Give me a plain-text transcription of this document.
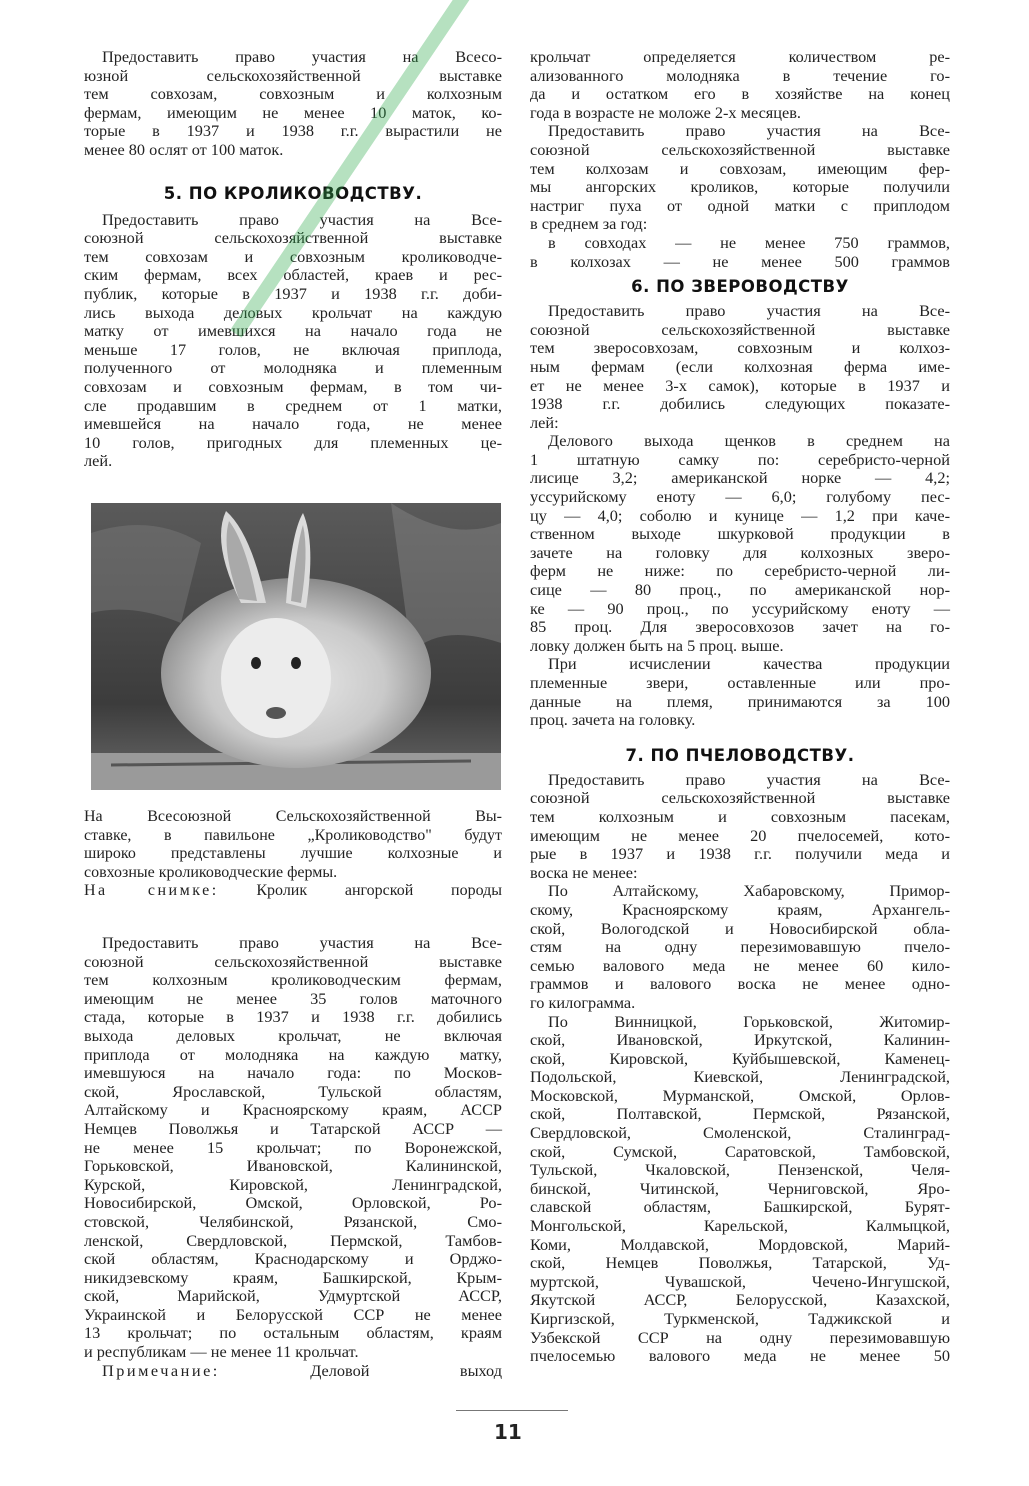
Предоставить право участия на Всесо-

юзной сельскохозяйственной выставке

тем совхозам, совхозным и колхозным

фермам, имеющим не менее 10 маток, ко-

торые в 1937 и 1938 г.г. вырастили не

менее 80 ослят от 100 маток.

5. ПО КРОЛИКОВОДСТВУ.

Предоставить право участия на Все-

союзной сельскохозяйственной выставке

тем совхозам и совхозным кролиководче-

ским фермам, всех областей, краев и рес-

публик, которые в 1937 и 1938 г.г. доби-

лись выхода деловых крольчат на каждую

матку от имевшихся на начало года не

меньше 17 голов, не включая приплода,

полученного от молодняка и племенным

совхозам и совхозным фермам, в том чи-

сле продавшим в среднем от 1 матки,

имевшейся на начало года, не менее

10 голов, пригодных для племенных це-

лей.

На Всесоюзной Сельскохозяйственной Вы-

ставке, в павильоне „Кролиководство" будут

широко представлены лучшие колхозные и

совхозные кролиководческие фермы.

На снимке: Кролик ангорской породы

Предоставить право участия на Все-

союзной сельскохозяйственной выставке

тем колхозным кролиководческим фермам,

имеющим не менее 35 голов маточного

стада, которые в 1937 и 1938 г.г. добились

выхода деловых крольчат, не включая

приплода от молодняка на каждую матку,

имевшуюся на начало года: по Москов-

ской, Ярославской, Тульской областям,

Алтайскому и Красноярскому краям, АССР

Немцев Поволжья и Татарской АССР —

не менее 15 крольчат; по Воронежской,

Горьковской, Ивановской, Калининской,

Курской, Кировской, Ленинградской,

Новосибирской, Омской, Орловской, Ро-

стовской, Челябинской, Рязанской, Смо-

ленской, Свердловской, Пермской, Тамбов-

ской областям, Краснодарскому и Орджо-

никидзевскому краям, Башкирской, Крым-

ской, Марийской, Удмуртской АССР,

Украинской и Белорусской ССР не менее

13 крольчат; по остальным областям, краям

и республикам — не менее 11 крольчат.

Примечание:	Деловой выход

крольчат определяется количеством ре-

ализованного молодняка в течение го-

да и остатком его в хозяйстве на конец

года в возрасте не моложе 2-х месяцев.

Предоставить право участия на Все-

союзной сельскохозяйственной выставке

тем колхозам и совхозам, имеющим фер-

мы ангорских кроликов, которые получили

настриг пуха от одной матки с приплодом

в среднем за год:

в совходах — не менее 750 граммов,

в колхозах — не менее 500 граммов

6. ПО ЗВЕРОВОДСТВУ

Предоставить право участия на Все-

союзной сельскохозяйственной выставке

тем зверосовхозам, совхозным и колхоз-

ным фермам (если колхозная ферма име-

ет не менее 3-х самок), которые в 1937 и

1938 г.г. добились следующих показате-

лей:

Делового выхода щенков в среднем на

1 штатную самку по: серебристо-черной

лисице 3,2; американской норке — 4,2;

уссурийскому еноту — 6,0; голубому пес-

цу — 4,0; соболю и кунице — 1,2 при каче-

ственном выходе шкурковой продукции в

зачете на головку для колхозных зверо-

ферм не ниже: по серебристо-черной ли-

сице — 80 проц., по американской нор-

ке — 90 проц., по уссурийскому еноту —

85 проц. Для зверосовхозов зачет на го-

ловку должен быть на 5 проц. выше.

При исчислении качества продукции

племенные звери, оставленные или про-

данные на племя, принимаются за 100

проц. зачета на головку.

7. ПО ПЧЕЛОВОДСТВУ.

Предоставить право участия на Все-

союзной сельскохозяйственной выставке

тем колхозным и совхозным пасекам,

имеющим не менее 20 пчелосемей, кото-

рые в 1937 и 1938 г.г. получили меда и

воска не менее:

По Алтайскому, Хабаровскому, Примор-

скому, Красноярскому краям, Архангель-

ской, Вологодской и Новосибирской обла-

стям на одну перезимовавшую пчело-

семью валового меда не менее 60 кило-

граммов и валового воска не менее одно-

го килограмма.

По Винницкой, Горьковской, Житомир-

ской, Ивановской, Иркутской, Калинин-

ской, Кировской, Куйбышевской, Каменец-

Подольской, Киевской, Ленинградской,

Московской, Мурманской, Омской, Орлов-

ской, Полтавской, Пермской, Рязанской,

Свердловской, Смоленской, Сталинград-

ской, Сумской, Саратовской, Тамбовской,

Тульской, Чкаловской, Пензенской, Челя-

бинской, Читинской, Черниговской, Яро-

славской областям, Башкирской, Бурят-

Монгольской, Карельской, Калмыцкой,

Коми, Молдавской, Мордовской, Марий-

ской, Немцев Поволжья, Татарской, Уд-

муртской, Чувашской, Чечено-Ингушской,

Якутской АССР, Белорусской, Казахской,

Киргизской, Туркменской, Таджикской и

Узбекской ССР на одну перезимовавшую

пчелосемью валового меда не менее 50

11
